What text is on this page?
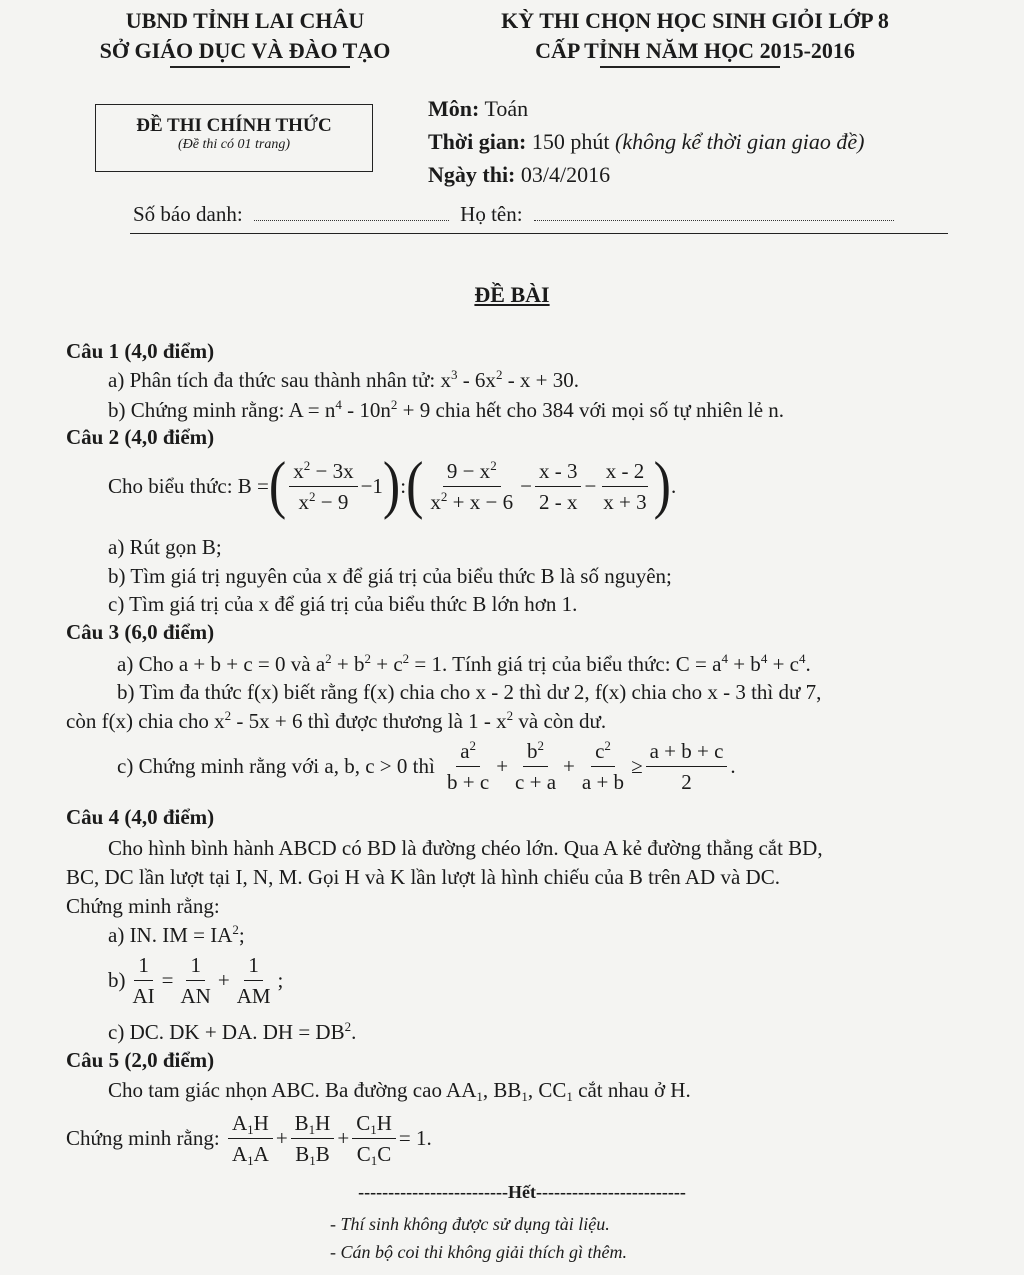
UBND TỈNH LAI CHÂU
SỞ GIÁO DỤC VÀ ĐÀO TẠO
KỲ THI CHỌN HỌC SINH GIỎI LỚP 8
CẤP TỈNH NĂM HỌC 2015-2016
ĐỀ THI CHÍNH THỨC
(Đề thi có 01 trang)
Môn: Toán
Thời gian: 150 phút (không kể thời gian giao đề)
Ngày thi: 03/4/2016
Số báo danh:	Họ tên:
ĐỀ BÀI
Câu 1 (4,0 điểm)
a) Phân tích đa thức sau thành nhân tử: $x^3 - 6x^2 - x + 30$.
b) Chứng minh rằng: $A = n^4 - 10n^2 + 9$ chia hết cho 384 với mọi số tự nhiên lẻ n.
Câu 2 (4,0 điểm)
Cho biểu thức: B = ( $\frac{x^2 - 3x}{x^2 - 9} -1$ ) : ( $\frac{9 - x^2}{x^2 + x - 6} - \frac{x - 3}{2 - x} - \frac{x - 2}{x + 3}$ ) .
a) Rút gọn B;
b) Tìm giá trị nguyên của x để giá trị của biểu thức B là số nguyên;
c) Tìm giá trị của x để giá trị của biểu thức B lớn hơn 1.
Câu 3 (6,0 điểm)
a) Cho a + b + c = 0 và $a^2 + b^2 + c^2 = 1$. Tính giá trị của biểu thức: $C = a^4 + b^4 + c^4$.
b) Tìm đa thức f(x) biết rằng f(x) chia cho x - 2 thì dư 2, f(x) chia cho x - 3 thì dư 7,
còn f(x) chia cho $x^2 - 5x + 6$ thì được thương là $1 - x^2$ và còn dư.
c) Chứng minh rằng với a, b, c > 0 thì
$\frac{a^2}{b + c} + \frac{b^2}{c + a} + \frac{c^2}{a + b} \ge \frac{a + b + c}{2}$ .
Câu 4 (4,0 điểm)
Cho hình bình hành ABCD có BD là đường chéo lớn. Qua A kẻ đường thẳng cắt BD,
BC, DC lần lượt tại I, N, M. Gọi H và K lần lượt là hình chiếu của B trên AD và DC.
Chứng minh rằng:
a) IN. IM = $IA^2$;
$b) \frac{1}{AI} = \frac{1}{AN} + \frac{1}{AM}$ ;
c) DC. DK + DA. DH = $DB^2$.
Câu 5 (2,0 điểm)
Cho tam giác nhọn ABC. Ba đường cao $AA_1$, $BB_1$, $CC_1$ cắt nhau ở H.
Chứng minh rằng:
$\frac{A_1H}{A_1A} + \frac{B_1H}{B_1B} + \frac{C_1H}{C_1C} = 1$.
-------------------------Hết-------------------------
- Thí sinh không được sử dụng tài liệu.
- Cán bộ coi thi không giải thích gì thêm.
